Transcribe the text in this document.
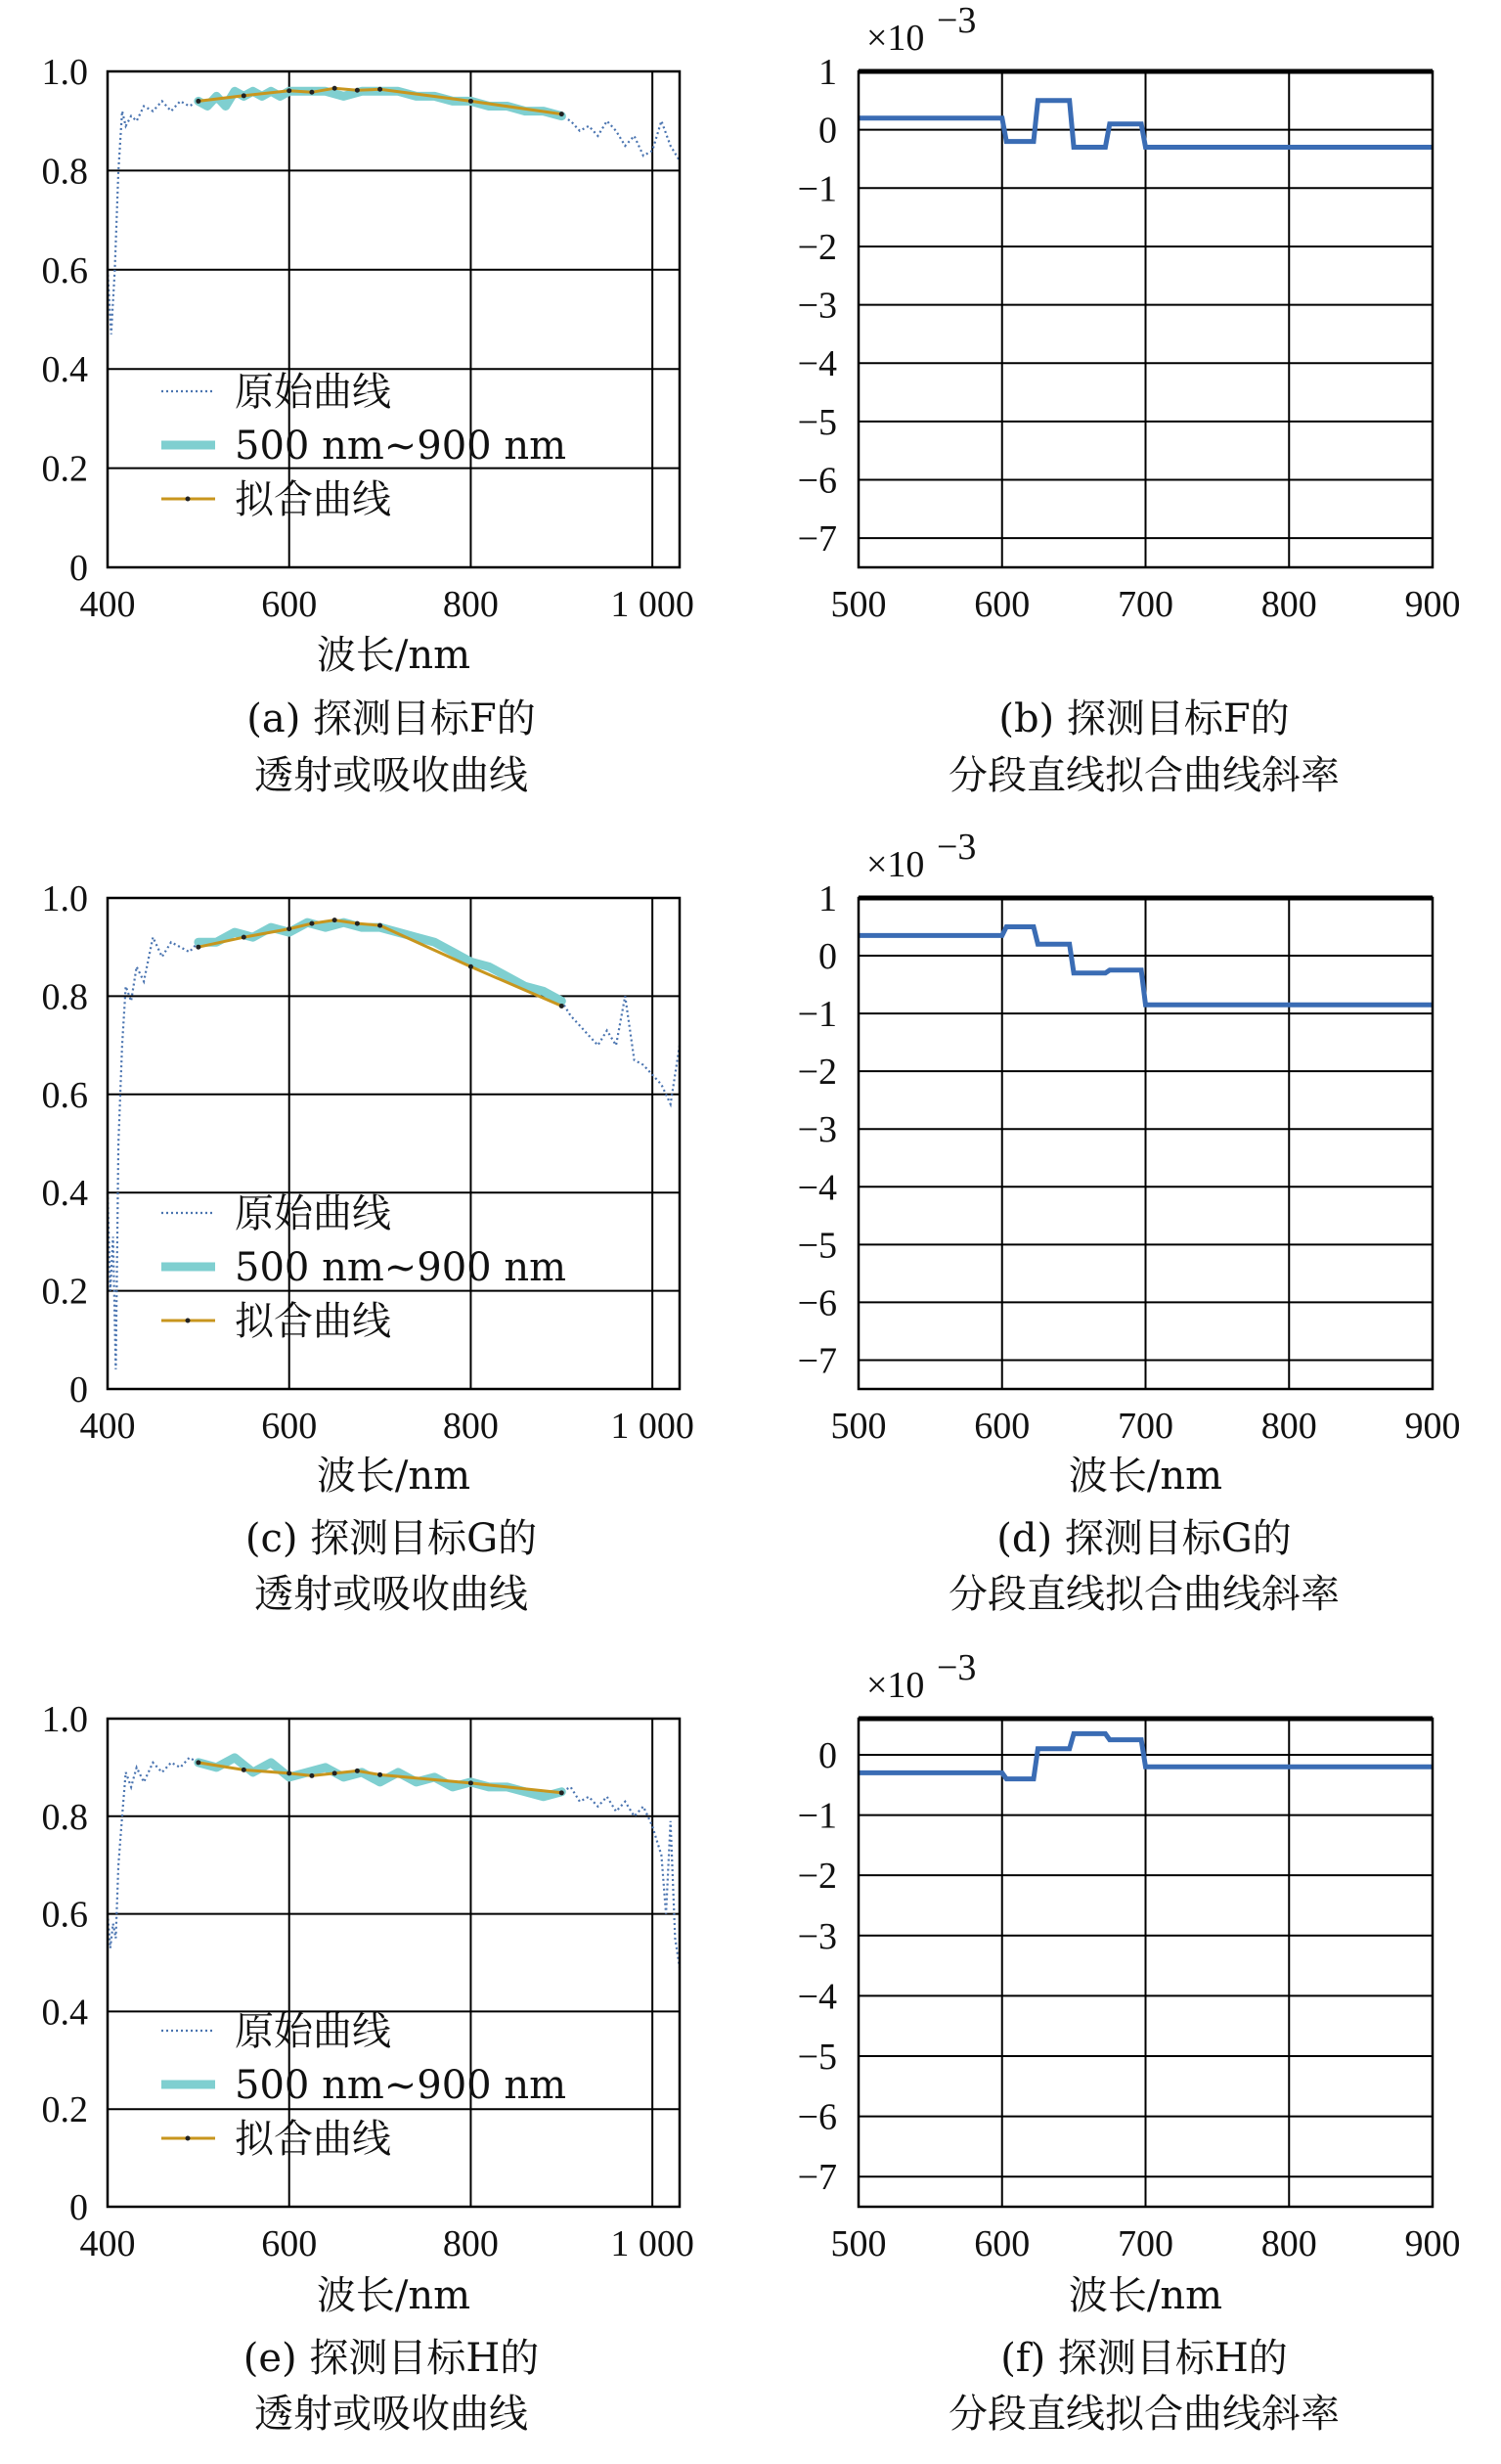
400	600	800	1 000
0
0.2
0.4
0.6
0.8
1.0
原始曲线
500 nm~900 nm
拟合曲线
波长/nm
(a) 探测目标F的
透射或吸收曲线
500 600 700 800 900
1
0
−1
−2
−3
−4
−5
−6
−7
×10 −3
(b) 探测目标F的
分段直线拟合曲线斜率
400	600	800	1 000
0
0.2
0.4
0.6
0.8
1.0
原始曲线
500 nm~900 nm
拟合曲线
波长/nm
(c) 探测目标G的
透射或吸收曲线
500 600 700 800 900
1
0
−1
−2
−3
−4
−5
−6
−7
×10 −3
波长/nm
(d) 探测目标G的
分段直线拟合曲线斜率
400	600	800	1 000
0
0.2
0.4
0.6
0.8
1.0
原始曲线
500 nm~900 nm
拟合曲线
波长/nm
(e) 探测目标H的
透射或吸收曲线
500 600 700 800 900
0
−1
−2
−3
−4
−5
−6
−7
×10 −3
波长/nm
(f) 探测目标H的
分段直线拟合曲线斜率
